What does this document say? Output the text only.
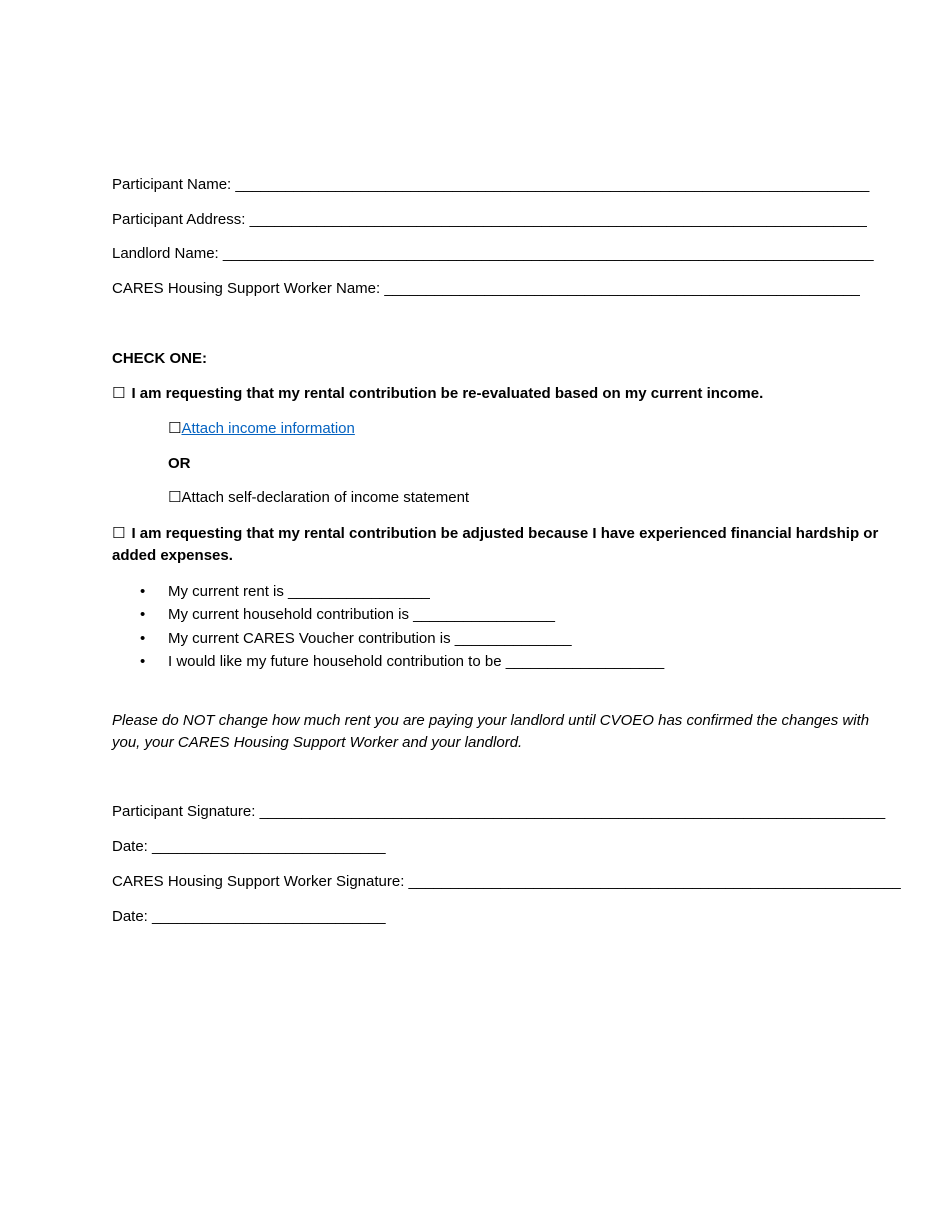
Participant Name: ____________________________________________________________________________
Participant Address: __________________________________________________________________________
Landlord Name: ______________________________________________________________________________
CARES Housing Support Worker Name: _________________________________________________________
CHECK ONE:
☐ I am requesting that my rental contribution be re-evaluated based on my current income.
☐Attach income information
OR
☐Attach self-declaration of income statement
☐ I am requesting that my rental contribution be adjusted because I have experienced financial hardship or added expenses.
• My current rent is _________________
• My current household contribution is _________________
• My current CARES Voucher contribution is ______________
• I would like my future household contribution to be ___________________
Please do NOT change how much rent you are paying your landlord until CVOEO has confirmed the changes with you, your CARES Housing Support Worker and your landlord.
Participant Signature: ___________________________________________________________________________
Date: ____________________________
CARES Housing Support Worker Signature: ___________________________________________________________
Date: ____________________________
